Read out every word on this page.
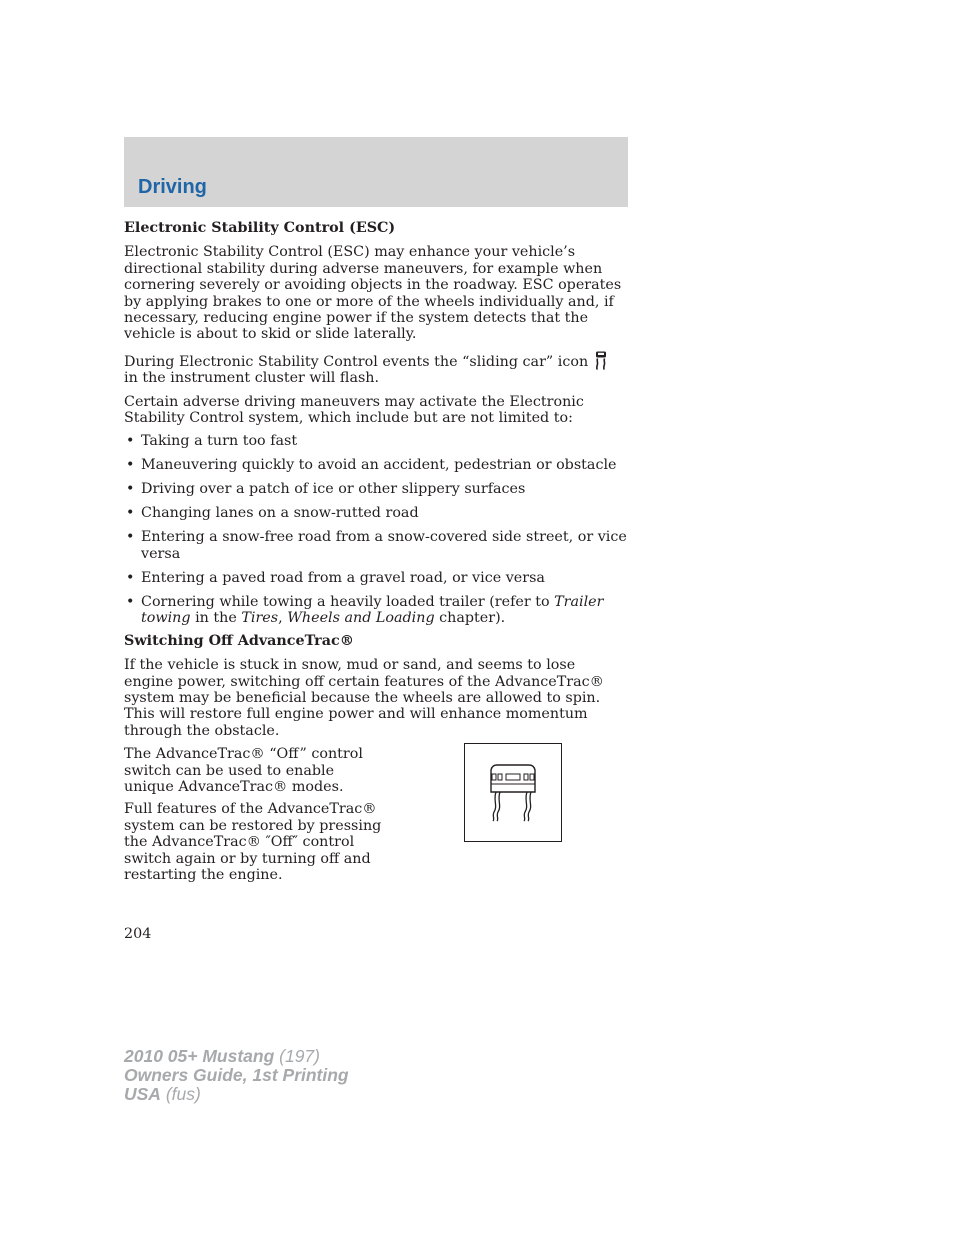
Driving

Electronic Stability Control (ESC)

Electronic Stability Control (ESC) may enhance your vehicle’s directional stability during adverse maneuvers, for example when cornering severely or avoiding objects in the roadway. ESC operates by applying brakes to one or more of the wheels individually and, if necessary, reducing engine power if the system detects that the vehicle is about to skid or slide laterally.

During Electronic Stability Control events the “sliding car” iconin the instrument cluster will flash.

Certain adverse driving maneuvers may activate the Electronic Stability Control system, which include but are not limited to:

• Taking a turn too fast
• Maneuvering quickly to avoid an accident, pedestrian or obstacle
• Driving over a patch of ice or other slippery surfaces
• Changing lanes on a snow-rutted road
• Entering a snow-free road from a snow-covered side street, or vice versa
• Entering a paved road from a gravel road, or vice versa
• Cornering while towing a heavily loaded trailer (refer to Trailer towing in the Tires, Wheels and Loading chapter).

Switching Off AdvanceTrac®

If the vehicle is stuck in snow, mud or sand, and seems to lose engine power, switching off certain features of the AdvanceTrac® system may be beneficial because the wheels are allowed to spin. This will restore full engine power and will enhance momentum through the obstacle.

The AdvanceTrac® “Off” control switch can be used to enable unique AdvanceTrac® modes.

Full features of the AdvanceTrac® system can be restored by pressing the AdvanceTrac® ″Off″ control switch again or by turning off and restarting the engine.

204
2010 05+ Mustang (197)
Owners Guide, 1st Printing
USA (fus)
